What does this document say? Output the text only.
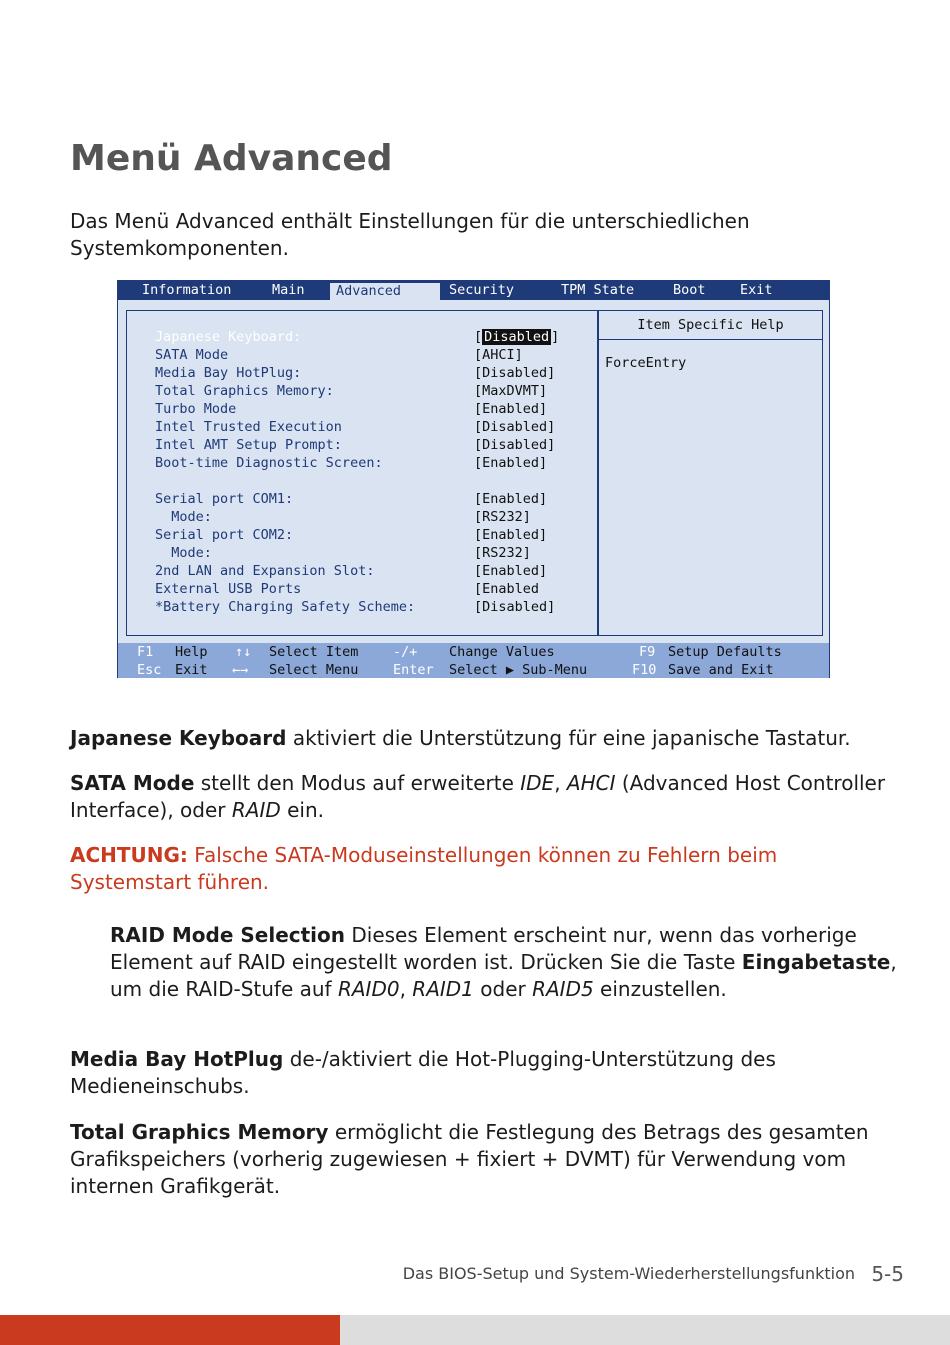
Menü Advanced

Das Menü Advanced enthält Einstellungen für die unterschiedlichen Systemkomponenten.

Information	Main	Advanced	Security	TPM State	Boot	Exit
Japanese Keyboard:	[ Disabled ]
SATA Mode	[AHCI]
Media Bay HotPlug:	[Disabled]
Total Graphics Memory:	[MaxDVMT]
Turbo Mode	[Enabled]
Intel Trusted Execution	[Disabled]
Intel AMT Setup Prompt:	[Disabled]
Boot-time Diagnostic Screen:	[Enabled]
Serial port COM1:	[Enabled]
Mode:	[RS232]
Serial port COM2:	[Enabled]
Mode:	[RS232]
2nd LAN and Expansion Slot:	[Enabled]
External USB Ports	[Enabled
*Battery Charging Safety Scheme:	[Disabled]
Item Specific Help
ForceEntry
F1 Help ↑↓ Select Item	-/+ Change Values	F9 Setup Defaults
Esc Exit ←→ Select Menu	Enter Select ▶ Sub-Menu	F10 Save and Exit

Japanese Keyboard aktiviert die Unterstützung für eine japanische Tastatur.

SATA Mode stellt den Modus auf erweiterte IDE, AHCI (Advanced Host Controller Interface), oder RAID ein.

ACHTUNG: Falsche SATA-Moduseinstellungen können zu Fehlern beim Systemstart führen.

RAID Mode Selection Dieses Element erscheint nur, wenn das vorherige Element auf RAID eingestellt worden ist. Drücken Sie die Taste Eingabetaste, um die RAID-Stufe auf RAID0, RAID1 oder RAID5 einzustellen.

Media Bay HotPlug de-/aktiviert die Hot-Plugging-Unterstützung des Medieneinschubs.

Total Graphics Memory ermöglicht die Festlegung des Betrags des gesamten Grafikspeichers (vorherig zugewiesen + fixiert + DVMT) für Verwendung vom internen Grafikgerät.

Das BIOS-Setup und System-Wiederherstellungsfunktion 5-5
